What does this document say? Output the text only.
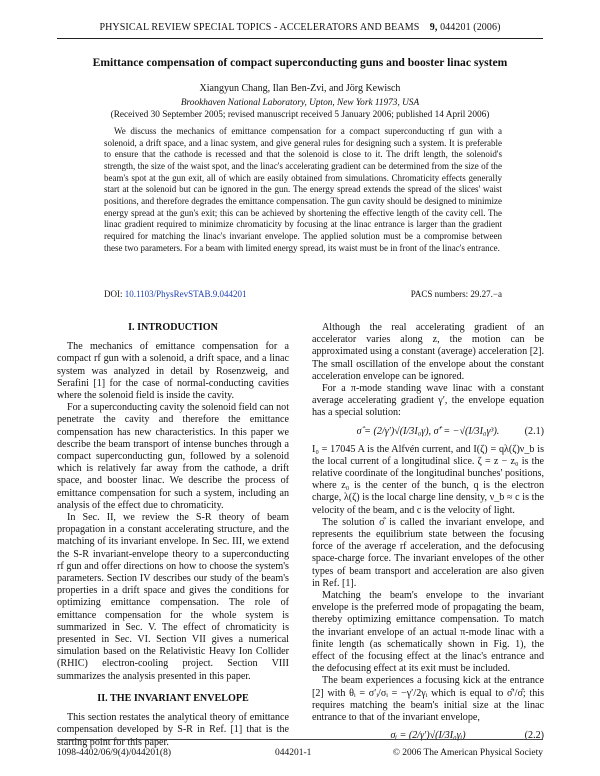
PHYSICAL REVIEW SPECIAL TOPICS - ACCELERATORS AND BEAMS 9, 044201 (2006)
Emittance compensation of compact superconducting guns and booster linac system
Xiangyun Chang, Ilan Ben-Zvi, and Jörg Kewisch
Brookhaven National Laboratory, Upton, New York 11973, USA
(Received 30 September 2005; revised manuscript received 5 January 2006; published 14 April 2006)

We discuss the mechanics of emittance compensation for a compact superconducting rf gun with a solenoid, a drift space, and a linac system, and give general rules for designing such a system. It is preferable to ensure that the cathode is recessed and that the solenoid is close to it. The drift length, the solenoid's strength, the size of the waist spot, and the linac's accelerating gradient can be determined from the size of the beam's spot at the gun exit, all of which are easily obtained from simulations. Chromaticity effects generally start at the solenoid but can be ignored in the gun. The energy spread extends the spread of the slices' waist positions, and therefore degrades the emittance compensation. The gun cavity should be designed to minimize energy spread at the gun's exit; this can be achieved by shortening the effective length of the cavity cell. The linac gradient required to minimize chromaticity by focusing at the linac entrance is larger than the gradient required for matching the linac's invariant envelope. The applied solution must be a compromise between these two parameters. For a beam with limited energy spread, its waist must be in front of the linac's entrance.

DOI: 10.1103/PhysRevSTAB.9.044201	PACS numbers: 29.27.−a
I. INTRODUCTION

The mechanics of emittance compensation for a compact rf gun with a solenoid, a drift space, and a linac system was analyzed in detail by Rosenzweig, and Serafini [1] for the case of normal-conducting cavities where the solenoid field is inside the cavity.

For a superconducting cavity the solenoid field can not penetrate the cavity and therefore the emittance compensation has new characteristics. In this paper we describe the beam transport of intense bunches through a compact superconducting gun, followed by a solenoid which is relatively far away from the cathode, a drift space, and booster linac. We describe the process of emittance compensation for such a system, including an analysis of the effect due to chromaticity.

In Sec. II, we review the S-R theory of beam propagation in a constant accelerating structure, and the matching of its invariant envelope. In Sec. III, we extend the S-R invariant-envelope theory to a superconducting rf gun and offer directions on how to choose the system's parameters. Section IV describes our study of the beam's properties in a drift space and gives the conditions for optimizing emittance compensation. The role of emittance compensation for the whole system is summarized in Sec. V. The effect of chromaticity is presented in Sec. VI. Section VII gives a numerical simulation based on the Relativistic Heavy Ion Collider (RHIC) electron-cooling project. Section VIII summarizes the analysis presented in this paper.

II. THE INVARIANT ENVELOPE

This section restates the analytical theory of emittance compensation developed by S-R in Ref. [1] that is the starting point for this paper.

Although the real accelerating gradient of an accelerator varies along z, the motion can be approximated using a constant (average) acceleration [2]. The small oscillation of the envelope about the constant acceleration envelope can be ignored.

For a π-mode standing wave linac with a constant average accelerating gradient γ′, the envelope equation has a special solution:

σ̂ = (2/γ′)√(I/3I₀γ), σ̂′ = −√(I/3I₀γ³).	(2.1)

I₀ = 17045 A is the Alfvén current, and I(ζ) = qλ(ζ)ν_b is the local current of a longitudinal slice. ζ = z − z₀ is the relative coordinate of the longitudinal bunches' positions, where z₀ is the center of the bunch, q is the electron charge, λ(ζ) is the local charge line density, ν_b ≈ c is the velocity of the beam, and c is the velocity of light.

The solution σ̂ is called the invariant envelope, and represents the equilibrium state between the focusing force of the average rf acceleration, and the defocusing space-charge force. The invariant envelopes of the other types of beam transport and acceleration are also given in Ref. [1].

Matching the beam's envelope to the invariant envelope is the preferred mode of propagating the beam, thereby optimizing emittance compensation. To match the invariant envelope of an actual π-mode linac with a finite length (as schematically shown in Fig. 1), the effect of the focusing effect at the linac's entrance and the defocusing effect at its exit must be included.

The beam experiences a focusing kick at the entrance [2] with θᵢ = σ′ᵢ/σᵢ = −γ′/2γᵢ which is equal to σ̂′/σ̂; this requires matching the beam's initial size at the linac entrance to that of the invariant envelope,

σᵢ = (2/γ′)√(I/3I₀γᵢ)	(2.2)
1098-4402/06/9(4)/044201(8)	044201-1	© 2006 The American Physical Society
